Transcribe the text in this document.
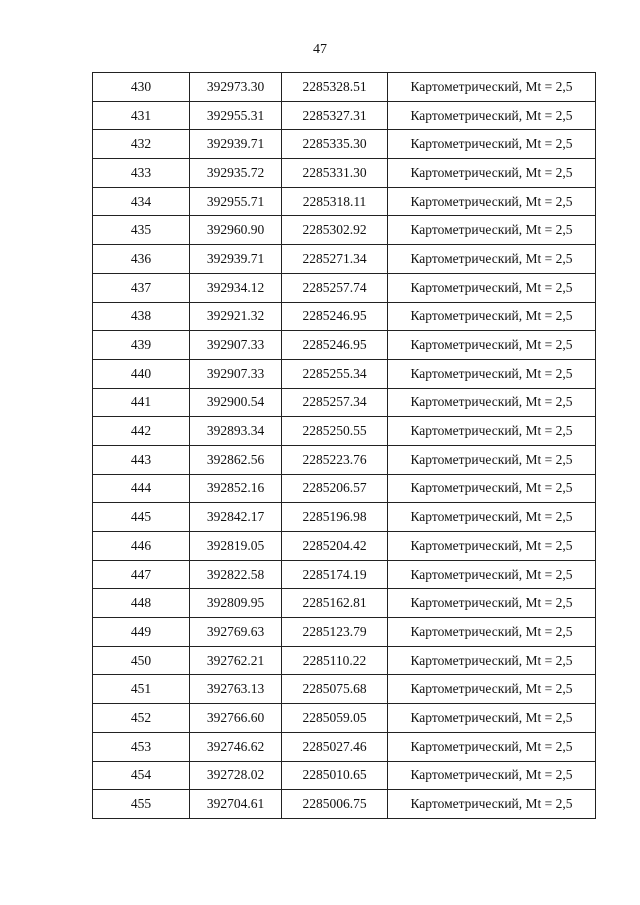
47
430	392973.30	2285328.51	Картометрический, Mt = 2,5
431	392955.31	2285327.31	Картометрический, Mt = 2,5
432	392939.71	2285335.30	Картометрический, Mt = 2,5
433	392935.72	2285331.30	Картометрический, Mt = 2,5
434	392955.71	2285318.11	Картометрический, Mt = 2,5
435	392960.90	2285302.92	Картометрический, Mt = 2,5
436	392939.71	2285271.34	Картометрический, Mt = 2,5
437	392934.12	2285257.74	Картометрический, Mt = 2,5
438	392921.32	2285246.95	Картометрический, Mt = 2,5
439	392907.33	2285246.95	Картометрический, Mt = 2,5
440	392907.33	2285255.34	Картометрический, Mt = 2,5
441	392900.54	2285257.34	Картометрический, Mt = 2,5
442	392893.34	2285250.55	Картометрический, Mt = 2,5
443	392862.56	2285223.76	Картометрический, Mt = 2,5
444	392852.16	2285206.57	Картометрический, Mt = 2,5
445	392842.17	2285196.98	Картометрический, Mt = 2,5
446	392819.05	2285204.42	Картометрический, Mt = 2,5
447	392822.58	2285174.19	Картометрический, Mt = 2,5
448	392809.95	2285162.81	Картометрический, Mt = 2,5
449	392769.63	2285123.79	Картометрический, Mt = 2,5
450	392762.21	2285110.22	Картометрический, Mt = 2,5
451	392763.13	2285075.68	Картометрический, Mt = 2,5
452	392766.60	2285059.05	Картометрический, Mt = 2,5
453	392746.62	2285027.46	Картометрический, Mt = 2,5
454	392728.02	2285010.65	Картометрический, Mt = 2,5
455	392704.61	2285006.75	Картометрический, Mt = 2,5
